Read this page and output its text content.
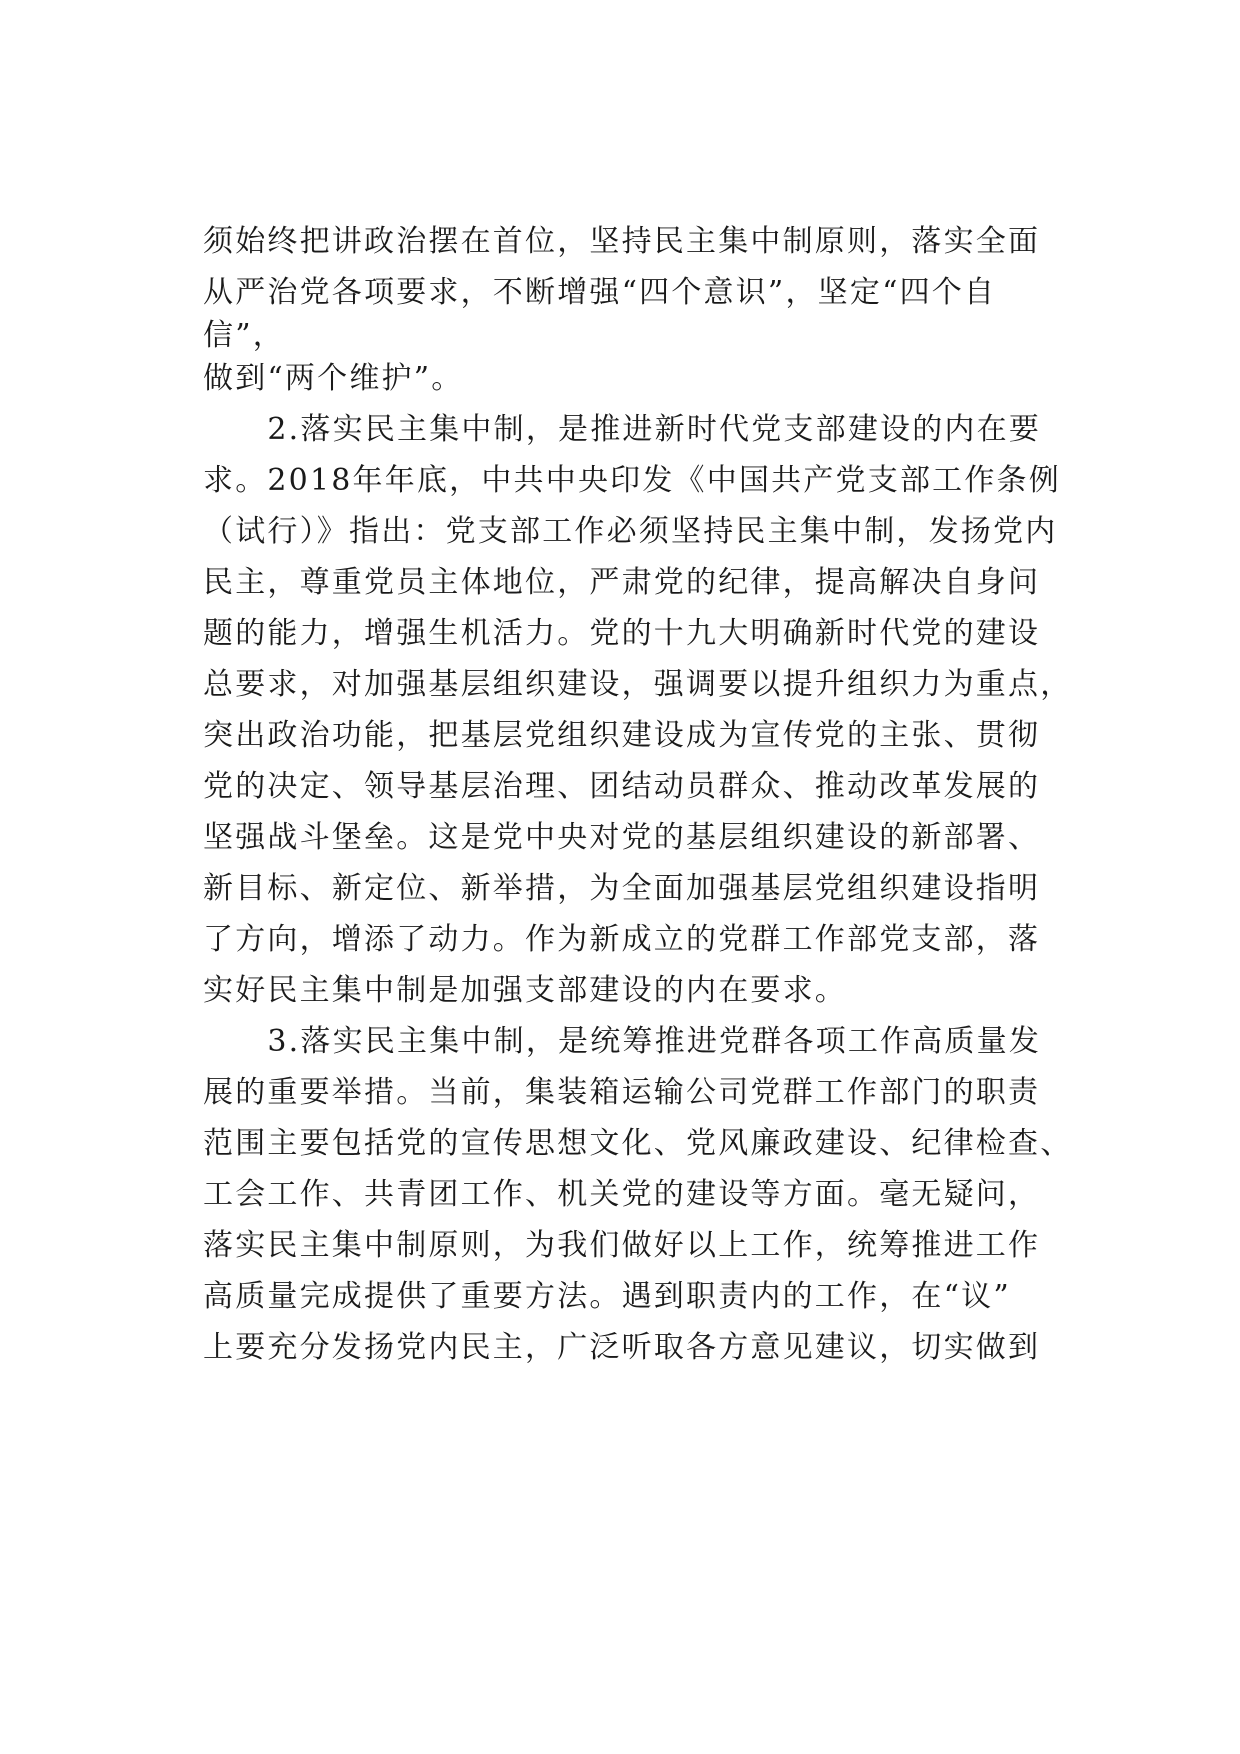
须始终把讲政治摆在首位，坚持民主集中制原则，落实全面
从严治党各项要求，不断增强“四个意识”，坚定“四个自
信”，
做到“两个维护”。
　　2.落实民主集中制，是推进新时代党支部建设的内在要
求。2018年年底，中共中央印发《中国共产党支部工作条例
（试行）》指出：党支部工作必须坚持民主集中制，发扬党内
民主，尊重党员主体地位，严肃党的纪律，提高解决自身问
题的能力，增强生机活力。党的十九大明确新时代党的建设
总要求，对加强基层组织建设，强调要以提升组织力为重点，
突出政治功能，把基层党组织建设成为宣传党的主张、贯彻
党的决定、领导基层治理、团结动员群众、推动改革发展的
坚强战斗堡垒。这是党中央对党的基层组织建设的新部署、
新目标、新定位、新举措，为全面加强基层党组织建设指明
了方向，增添了动力。作为新成立的党群工作部党支部，落
实好民主集中制是加强支部建设的内在要求。
　　3.落实民主集中制，是统筹推进党群各项工作高质量发
展的重要举措。当前，集装箱运输公司党群工作部门的职责
范围主要包括党的宣传思想文化、党风廉政建设、纪律检查、
工会工作、共青团工作、机关党的建设等方面。毫无疑问，
落实民主集中制原则，为我们做好以上工作，统筹推进工作
高质量完成提供了重要方法。遇到职责内的工作，在“议”
上要充分发扬党内民主，广泛听取各方意见建议，切实做到
